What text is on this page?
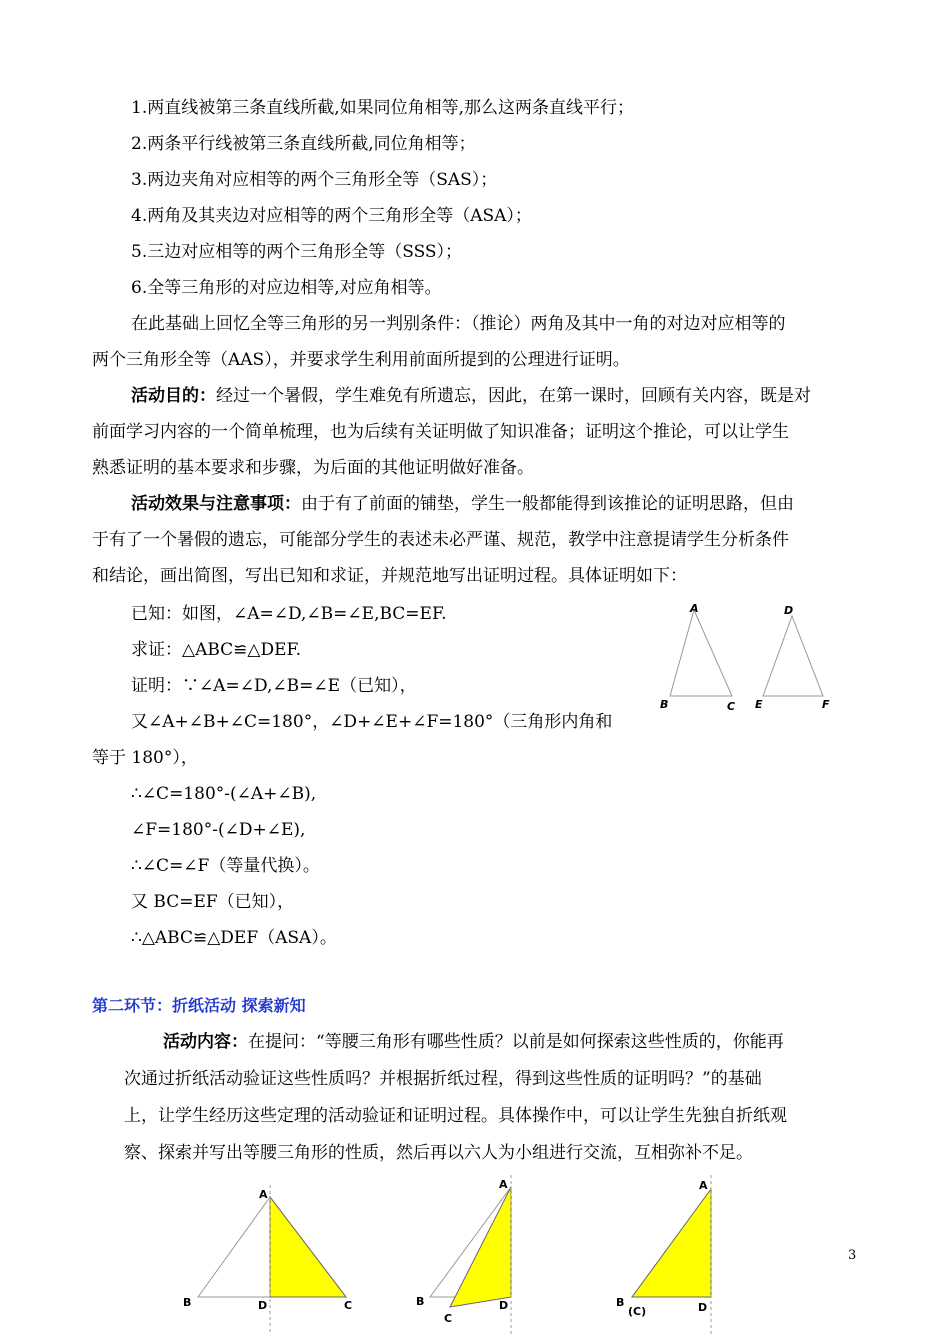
1.两直线被第三条直线所截,如果同位角相等,那么这两条直线平行；
2.两条平行线被第三条直线所截,同位角相等；
3.两边夹角对应相等的两个三角形全等（SAS）；
4.两角及其夹边对应相等的两个三角形全等（ASA）；
5.三边对应相等的两个三角形全等（SSS）；
6.全等三角形的对应边相等,对应角相等。
在此基础上回忆全等三角形的另一判别条件：（推论）两角及其中一角的对边对应相等的
两个三角形全等（AAS），并要求学生利用前面所提到的公理进行证明。
活动目的：经过一个暑假，学生难免有所遗忘，因此，在第一课时，回顾有关内容，既是对
前面学习内容的一个简单梳理，也为后续有关证明做了知识准备；证明这个推论，可以让学生
熟悉证明的基本要求和步骤，为后面的其他证明做好准备。
活动效果与注意事项：由于有了前面的铺垫，学生一般都能得到该推论的证明思路，但由
于有了一个暑假的遗忘，可能部分学生的表述未必严谨、规范，教学中注意提请学生分析条件
和结论，画出简图，写出已知和求证，并规范地写出证明过程。具体证明如下：
已知：如图，∠A=∠D,∠B=∠E,BC=EF.
求证：△ABC≌△DEF.
证明：∵∠A=∠D,∠B=∠E（已知），
又∠A+∠B+∠C=180°，∠D+∠E+∠F=180°（三角形内角和
等于 180°），
∴∠C=180°-(∠A+∠B),
∠F=180°-(∠D+∠E),
∴∠C=∠F（等量代换）。
又 BC=EF（已知），
∴△ABC≌△DEF（ASA）。
A
B	C
D
E	F
第二环节：折纸活动 探索新知
活动内容：在提问：“等腰三角形有哪些性质？以前是如何探索这些性质的，你能再
次通过折纸活动验证这些性质吗？并根据折纸过程，得到这些性质的证明吗？”的基础
上，让学生经历这些定理的活动验证和证明过程。具体操作中，可以让学生先独自折纸观
察、探索并写出等腰三角形的性质，然后再以六人为小组进行交流，互相弥补不足。
A
B	D	C
A
B	D
C
A
B
(C)	D
3
